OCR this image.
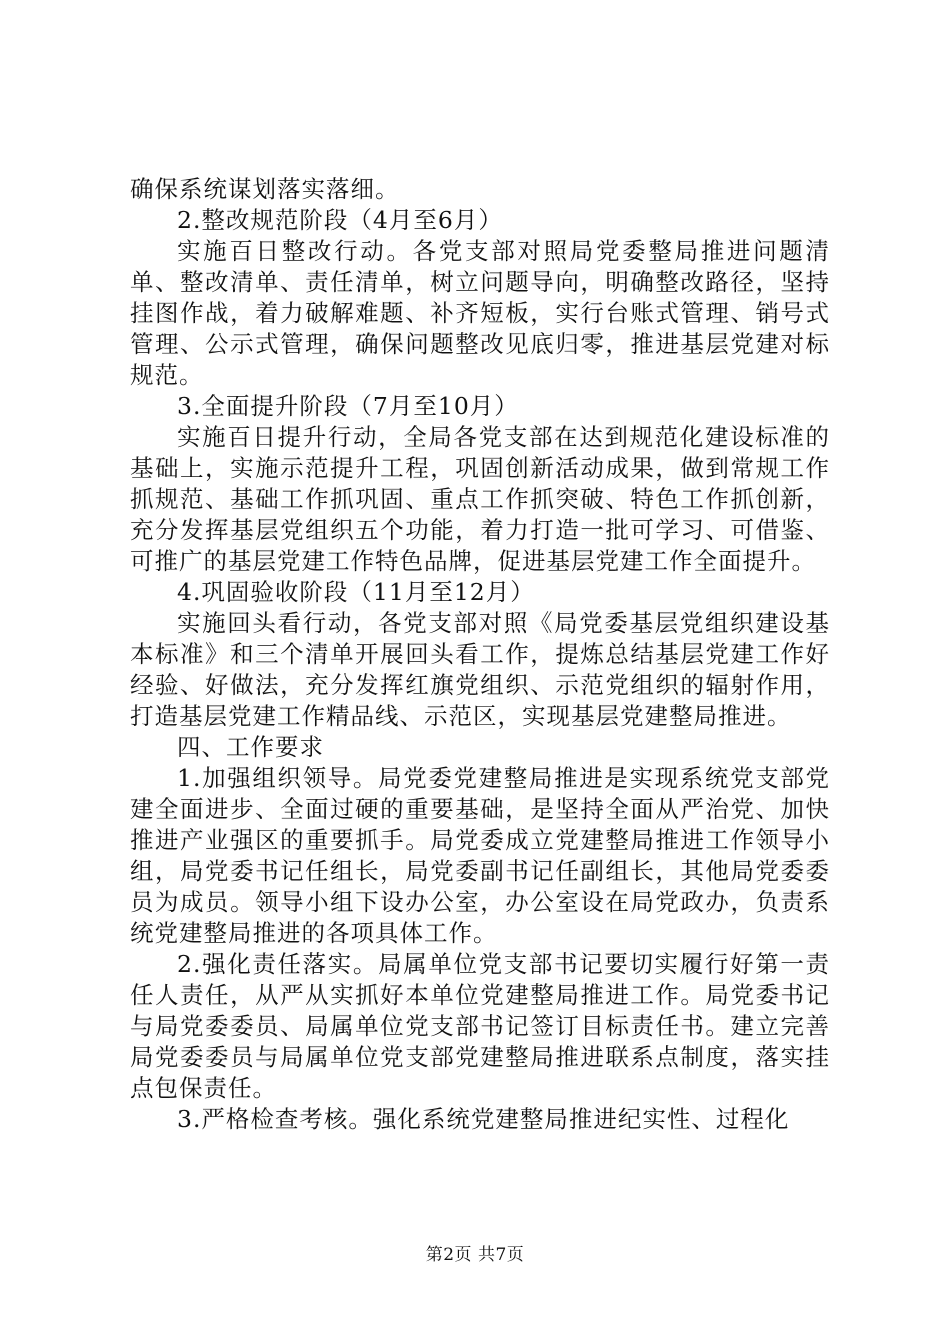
确保系统谋划落实落细。

2.整改规范阶段（4月至6月）

实施百日整改行动。各党支部对照局党委整局推进问题清单、整改清单、责任清单，树立问题导向，明确整改路径，坚持挂图作战，着力破解难题、补齐短板，实行台账式管理、销号式管理、公示式管理，确保问题整改见底归零，推进基层党建对标规范。

3.全面提升阶段（7月至10月）

实施百日提升行动，全局各党支部在达到规范化建设标准的基础上，实施示范提升工程，巩固创新活动成果，做到常规工作抓规范、基础工作抓巩固、重点工作抓突破、特色工作抓创新，充分发挥基层党组织五个功能，着力打造一批可学习、可借鉴、可推广的基层党建工作特色品牌，促进基层党建工作全面提升。

4.巩固验收阶段（11月至12月）

实施回头看行动，各党支部对照《局党委基层党组织建设基本标准》和三个清单开展回头看工作，提炼总结基层党建工作好经验、好做法，充分发挥红旗党组织、示范党组织的辐射作用，打造基层党建工作精品线、示范区，实现基层党建整局推进。

四、工作要求

1.加强组织领导。局党委党建整局推进是实现系统党支部党建全面进步、全面过硬的重要基础，是坚持全面从严治党、加快推进产业强区的重要抓手。局党委成立党建整局推进工作领导小组，局党委书记任组长，局党委副书记任副组长，其他局党委委员为成员。领导小组下设办公室，办公室设在局党政办，负责系统党建整局推进的各项具体工作。

2.强化责任落实。局属单位党支部书记要切实履行好第一责任人责任，从严从实抓好本单位党建整局推进工作。局党委书记与局党委委员、局属单位党支部书记签订目标责任书。建立完善局党委委员与局属单位党支部党建整局推进联系点制度，落实挂点包保责任。

3.严格检查考核。强化系统党建整局推进纪实性、过程化

第2页 共7页
